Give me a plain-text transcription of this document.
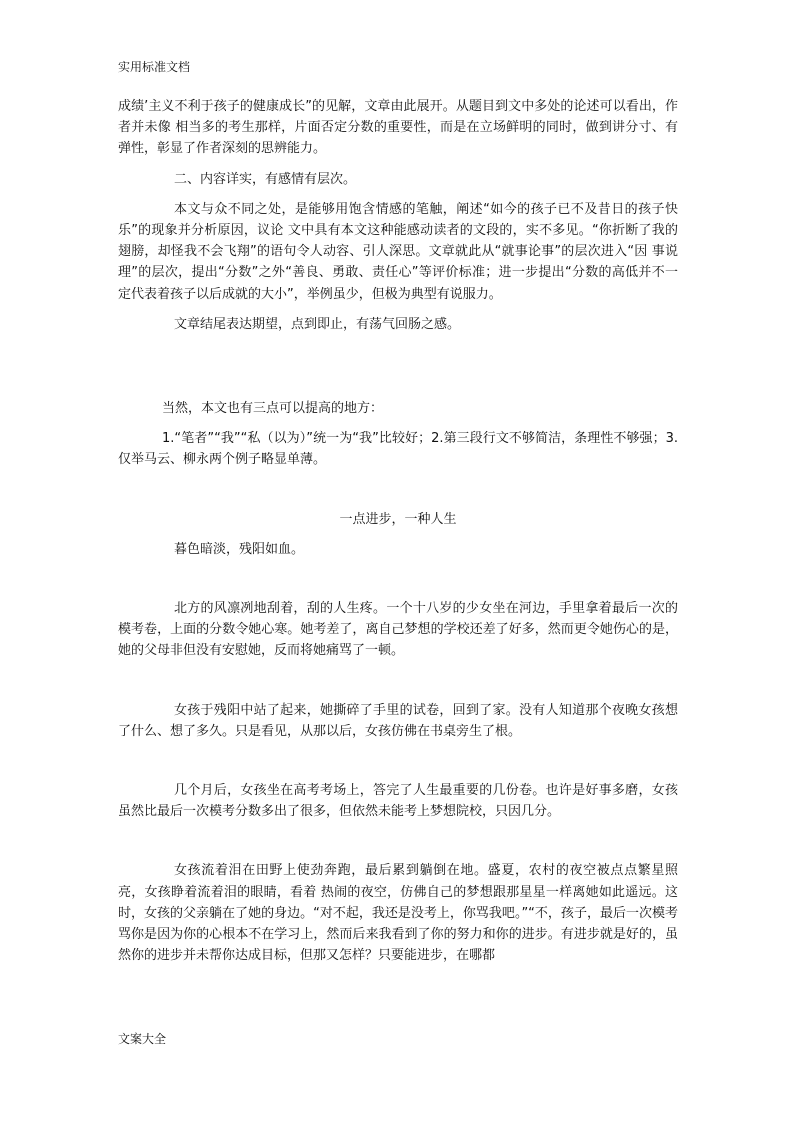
实用标准文档

成绩’主义不利于孩子的健康成长”的见解，文章由此展开。从题目到文中多处的论述可以看出，作者并未像 相当多的考生那样，片面否定分数的重要性，而是在立场鲜明的同时，做到讲分寸、有弹性，彰显了作者深刻的思辨能力。

二、内容详实，有感情有层次。

本文与众不同之处，是能够用饱含情感的笔触，阐述“如今的孩子已不及昔日的孩子快乐”的现象并分析原因，议论 文中具有本文这种能感动读者的文段的，实不多见。“你折断了我的翅膀，却怪我不会飞翔”的语句令人动容、引人深思。文章就此从“就事论事”的层次进入“因 事说理”的层次，提出“分数”之外“善良、勇敢、责任心”等评价标准；进一步提出“分数的高低并不一定代表着孩子以后成就的大小”，举例虽少，但极为典型有说服力。

文章结尾表达期望，点到即止，有荡气回肠之感。

当然，本文也有三点可以提高的地方：

1.“笔者”“我”“私（以为）”统一为“我”比较好；2.第三段行文不够简洁，条理性不够强；3.仅举马云、柳永两个例子略显单薄。

一点进步，一种人生

暮色暗淡，残阳如血。

北方的风凛冽地刮着，刮的人生疼。一个十八岁的少女坐在河边，手里拿着最后一次的模考卷，上面的分数令她心寒。她考差了，离自己梦想的学校还差了好多，然而更令她伤心的是，她的父母非但没有安慰她，反而将她痛骂了一顿。

女孩于残阳中站了起来，她撕碎了手里的试卷，回到了家。没有人知道那个夜晚女孩想了什么、想了多久。只是看见，从那以后，女孩仿佛在书桌旁生了根。

几个月后，女孩坐在高考考场上，答完了人生最重要的几份卷。也许是好事多磨，女孩虽然比最后一次模考分数多出了很多，但依然未能考上梦想院校，只因几分。

女孩流着泪在田野上使劲奔跑，最后累到躺倒在地。盛夏，农村的夜空被点点繁星照亮，女孩睁着流着泪的眼睛，看着 热闹的夜空，仿佛自己的梦想跟那星星一样离她如此遥远。这时，女孩的父亲躺在了她的身边。“对不起，我还是没考上，你骂我吧。”“不，孩子，最后一次模考骂你是因为你的心根本不在学习上，然而后来我看到了你的努力和你的进步。有进步就是好的，虽然你的进步并未帮你达成目标，但那又怎样？只要能进步，在哪都

文案大全
